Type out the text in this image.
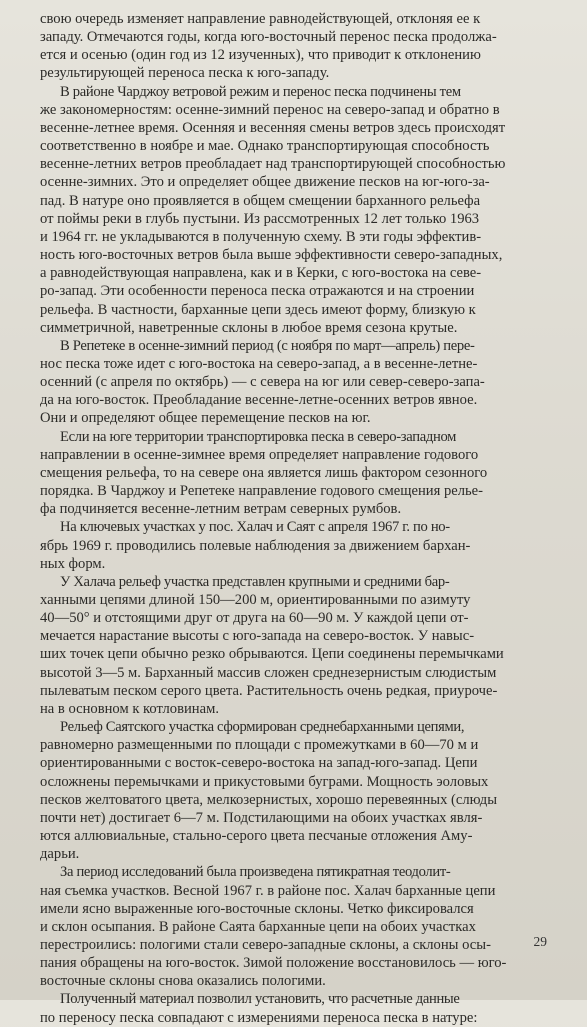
свою очередь изменяет направление равнодействующей, отклоняя ее к
западу. Отмечаются годы, когда юго-восточный перенос песка продолжа-
ется и осенью (один год из 12 изученных), что приводит к отклонению
результирующей переноса песка к юго-западу.

В районе Чарджоу ветровой режим и перенос песка подчинены тем
же закономерностям: осенне-зимний перенос на северо-запад и обратно в
весенне-летнее время. Осенняя и весенняя смены ветров здесь происходят
соответственно в ноябре и мае. Однако транспортирующая способность
весенне-летних ветров преобладает над транспортирующей способностью
осенне-зимних. Это и определяет общее движение песков на юг-юго-за-
пад. В натуре оно проявляется в общем смещении барханного рельефа
от поймы реки в глубь пустыни. Из рассмотренных 12 лет только 1963
и 1964 гг. не укладываются в полученную схему. В эти годы эффектив-
ность юго-восточных ветров была выше эффективности северо-западных,
а равнодействующая направлена, как и в Керки, с юго-востока на севе-
ро-запад. Эти особенности переноса песка отражаются и на строении
рельефа. В частности, барханные цепи здесь имеют форму, близкую к
симметричной, наветренные склоны в любое время сезона крутые.

В Репетеке в осенне-зимний период (с ноября по март—апрель) пере-
нос песка тоже идет с юго-востока на северо-запад, а в весенне-летне-
осенний (с апреля по октябрь) — с севера на юг или север-северо-запа-
да на юго-восток. Преобладание весенне-летне-осенних ветров явное.
Они и определяют общее перемещение песков на юг.

Если на юге территории транспортировка песка в северо-западном
направлении в осенне-зимнее время определяет направление годового
смещения рельефа, то на севере она является лишь фактором сезонного
порядка. В Чарджоу и Репетеке направление годового смещения релье-
фа подчиняется весенне-летним ветрам северных румбов.

На ключевых участках у пос. Халач и Саят с апреля 1967 г. по но-
ябрь 1969 г. проводились полевые наблюдения за движением бархан-
ных форм.

У Халача рельеф участка представлен крупными и средними бар-
ханными цепями длиной 150—200 м, ориентированными по азимуту
40—50° и отстоящими друг от друга на 60—90 м. У каждой цепи от-
мечается нарастание высоты с юго-запада на северо-восток. У навыс-
ших точек цепи обычно резко обрываются. Цепи соединены перемычками
высотой 3—5 м. Барханный массив сложен среднезернистым слюдистым
пылеватым песком серого цвета. Растительность очень редкая, приуроче-
на в основном к котловинам.

Рельеф Саятского участка сформирован среднебарханными цепями,
равномерно размещенными по площади с промежутками в 60—70 м и
ориентированными с восток-северо-востока на запад-юго-запад. Цепи
осложнены перемычками и прикустовыми буграми. Мощность эоловых
песков желтоватого цвета, мелкозернистых, хорошо перевеянных (слюды
почти нет) достигает 6—7 м. Подстилающими на обоих участках явля-
ются аллювиальные, стально-серого цвета песчаные отложения Аму-
дарьи.

За период исследований была произведена пятикратная теодолит-
ная съемка участков. Весной 1967 г. в районе пос. Халач барханные цепи
имели ясно выраженные юго-восточные склоны. Четко фиксировался
и склон осыпания. В районе Саята барханные цепи на обоих участках
перестроились: пологими стали северо-западные склоны, а склоны осы-
пания обращены на юго-восток. Зимой положение восстановилось — юго-
восточные склоны снова оказались пологими.

Полученный материал позволил установить, что расчетные данные
по переносу песка совпадают с измерениями переноса песка в натуре:

29
